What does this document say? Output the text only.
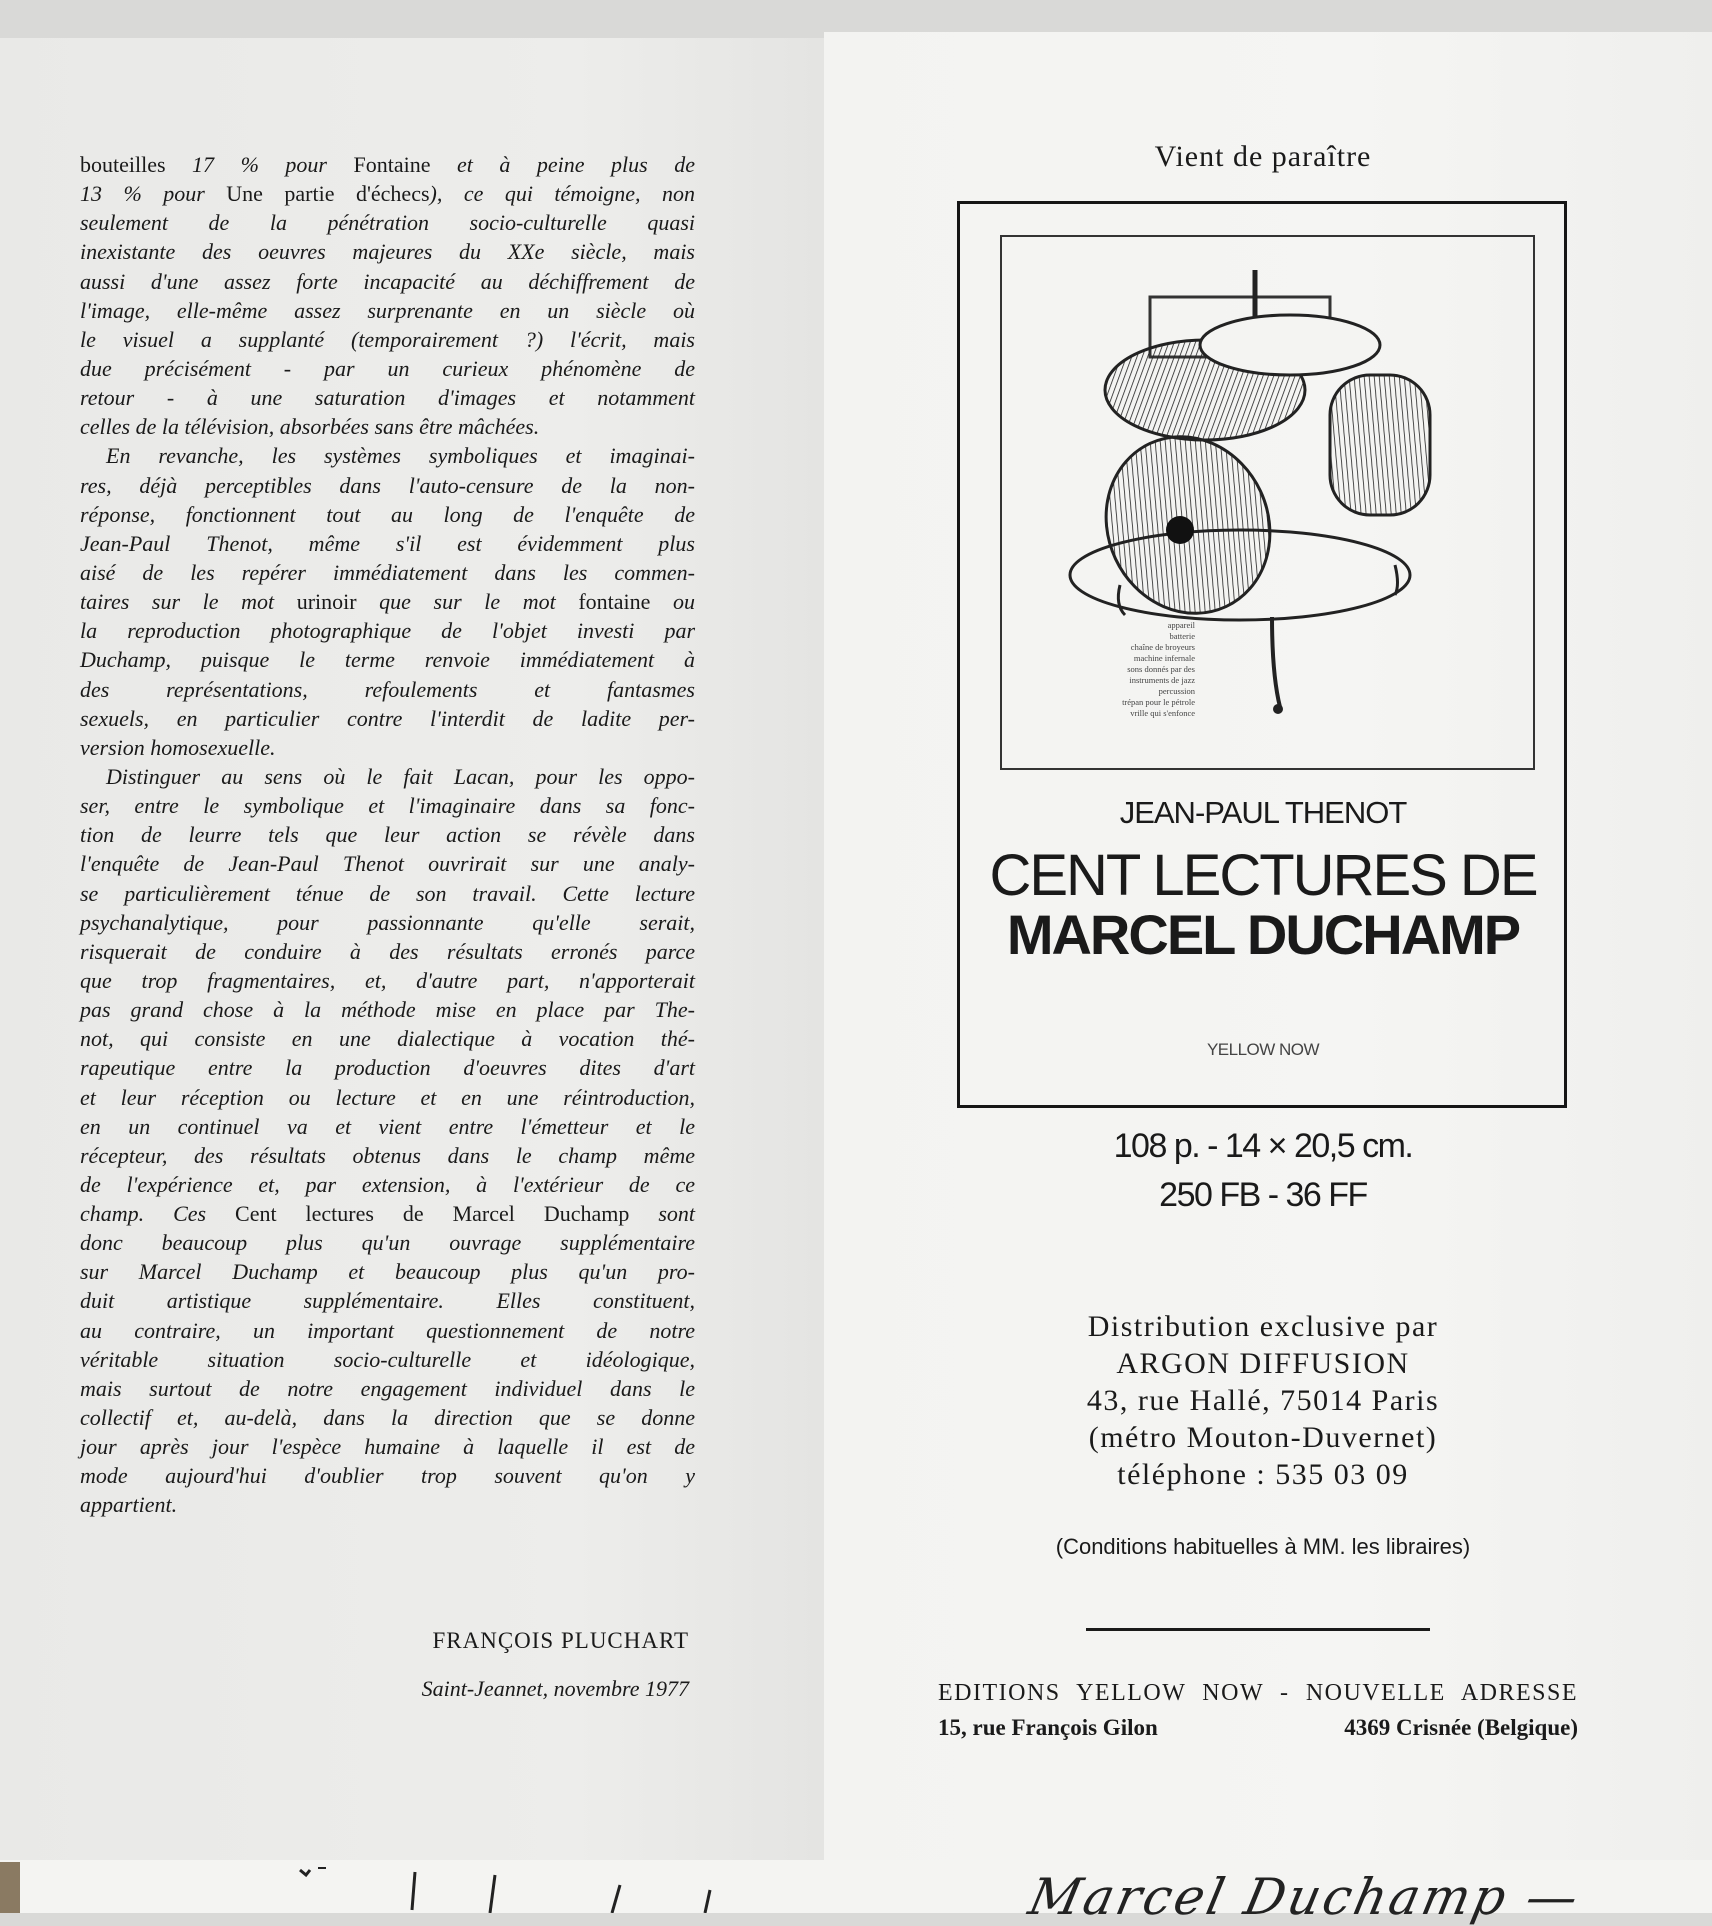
bouteilles 17 % pour Fontaine et à peine plus de
13 % pour Une partie d'échecs), ce qui témoigne, non
seulement de la pénétration socio-culturelle quasi
inexistante des oeuvres majeures du XXe siècle, mais
aussi d'une assez forte incapacité au déchiffrement de
l'image, elle-même assez surprenante en un siècle où
le visuel a supplanté (temporairement ?) l'écrit, mais
due précisément - par un curieux phénomène de
retour - à une saturation d'images et notamment
celles de la télévision, absorbées sans être mâchées.
En revanche, les systèmes symboliques et imaginai-
res, déjà perceptibles dans l'auto-censure de la non-
réponse, fonctionnent tout au long de l'enquête de
Jean-Paul Thenot, même s'il est évidemment plus
aisé de les repérer immédiatement dans les commen-
taires sur le mot urinoir que sur le mot fontaine ou
la reproduction photographique de l'objet investi par
Duchamp, puisque le terme renvoie immédiatement à
des représentations, refoulements et fantasmes
sexuels, en particulier contre l'interdit de ladite per-
version homosexuelle.
Distinguer au sens où le fait Lacan, pour les oppo-
ser, entre le symbolique et l'imaginaire dans sa fonc-
tion de leurre tels que leur action se révèle dans
l'enquête de Jean-Paul Thenot ouvrirait sur une analy-
se particulièrement ténue de son travail. Cette lecture
psychanalytique, pour passionnante qu'elle serait,
risquerait de conduire à des résultats erronés parce
que trop fragmentaires, et, d'autre part, n'apporterait
pas grand chose à la méthode mise en place par The-
not, qui consiste en une dialectique à vocation thé-
rapeutique entre la production d'oeuvres dites d'art
et leur réception ou lecture et en une réintroduction,
en un continuel va et vient entre l'émetteur et le
récepteur, des résultats obtenus dans le champ même
de l'expérience et, par extension, à l'extérieur de ce
champ. Ces Cent lectures de Marcel Duchamp sont
donc beaucoup plus qu'un ouvrage supplémentaire
sur Marcel Duchamp et beaucoup plus qu'un pro-
duit artistique supplémentaire. Elles constituent,
au contraire, un important questionnement de notre
véritable situation socio-culturelle et idéologique,
mais surtout de notre engagement individuel dans le
collectif et, au-delà, dans la direction que se donne
jour après jour l'espèce humaine à laquelle il est de
mode aujourd'hui d'oublier trop souvent qu'on y
appartient.
FRANÇOIS PLUCHART
Saint-Jeannet, novembre 1977
Vient de paraître
appareil
batterie
chaîne de broyeurs
machine infernale
sons donnés par des
instruments de jazz
percussion
trépan pour le pétrole
vrille qui s'enfonce
JEAN-PAUL THENOT
CENT LECTURES DE
MARCEL DUCHAMP
YELLOW NOW
108 p. - 14 × 20,5 cm.
250 FB - 36 FF
Distribution exclusive par
ARGON DIFFUSION
43, rue Hallé, 75014 Paris
(métro Mouton-Duvernet)
téléphone : 535 03 09
(Conditions habituelles à MM. les libraires)
EDITIONS YELLOW NOW - NOUVELLE ADRESSE
15, rue François Gilon	4369 Crisnée (Belgique)
Marcel Duchamp —
